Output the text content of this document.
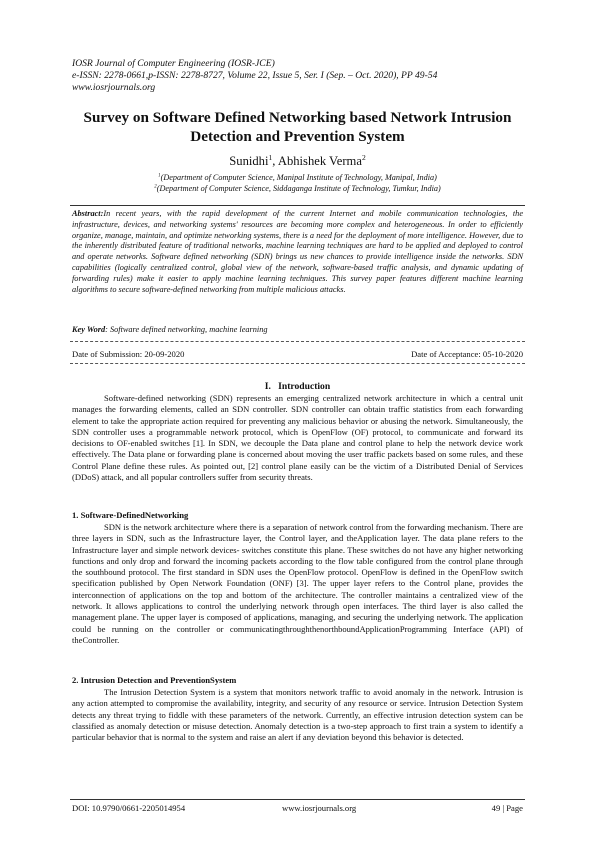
IOSR Journal of Computer Engineering (IOSR-JCE)
e-ISSN: 2278-0661,p-ISSN: 2278-8727, Volume 22, Issue 5, Ser. I (Sep. – Oct. 2020), PP 49-54
www.iosrjournals.org
Survey on Software Defined Networking based Network Intrusion
Detection and Prevention System
Sunidhi$^1$, Abhishek Verma$^2$
$^1$(Department of Computer Science, Manipal Institute of Technology, Manipal, India)
$^2$(Department of Computer Science, Siddaganga Institute of Technology, Tumkur, India)
Abstract:In recent years, with the rapid development of the current Internet and mobile communication technologies, the infrastructure, devices, and networking systems' resources are becoming more complex and heterogeneous. In order to efficiently organize, manage, maintain, and optimize networking systems, there is a need for the deployment of more intelligence. However, due to the inherently distributed feature of traditional networks, machine learning techniques are hard to be applied and deployed to control and operate networks. Software defined networking (SDN) brings us new chances to provide intelligence inside the networks. SDN capabilities (logically centralized control, global view of the network, software-based traffic analysis, and dynamic updating of forwarding rules) make it easier to apply machine learning techniques. This survey paper features different machine learning algorithms to secure software-defined networking from multiple malicious attacks.
Key Word: Software defined networking, machine learning
Date of Submission: 20-09-2020	Date of Acceptance: 05-10-2020
I. Introduction

Software-defined networking (SDN) represents an emerging centralized network architecture in which a central unit manages the forwarding elements, called an SDN controller. SDN controller can obtain traffic statistics from each forwarding element to take the appropriate action required for preventing any malicious behavior or abusing the network. Simultaneously, the SDN controller uses a programmable network protocol, which is OpenFlow (OF) protocol, to communicate and forward its decisions to OF-enabled switches [1]. In SDN, we decouple the Data plane and control plane to help the network device work effectively. The Data plane or forwarding plane is concerned about moving the user traffic packets based on some rules, and these Control Plane define these rules. As pointed out, [2] control plane easily can be the victim of a Distributed Denial of Services (DDoS) attack, and all popular controllers suffer from security threats.

1. Software-DefinedNetworking

SDN is the network architecture where there is a separation of network control from the forwarding mechanism. There are three layers in SDN, such as the Infrastructure layer, the Control layer, and theApplication layer. The data plane refers to the Infrastructure layer and simple network devices- switches constitute this plane. These switches do not have any higher networking functions and only drop and forward the incoming packets according to the flow table configured from the control plane through the southbound protocol. The first standard in SDN uses the OpenFlow protocol. OpenFlow is defined in the OpenFlow switch specification published by Open Network Foundation (ONF) [3]. The upper layer refers to the Control plane, provides the interconnection of applications on the top and bottom of the architecture. The controller maintains a centralized view of the network. It allows applications to control the underlying network through open interfaces. The third layer is also called the management plane. The upper layer is composed of applications, managing, and securing the underlying network. The application could be running on the controller or communicatingthroughthenorthboundApplicationProgramming Interface (API) of theController.

2. Intrusion Detection and PreventionSystem

The Intrusion Detection System is a system that monitors network traffic to avoid anomaly in the network. Intrusion is any action attempted to compromise the availability, integrity, and security of any resource or service. Intrusion Detection System detects any threat trying to fiddle with these parameters of the network. Currently, an effective intrusion detection system can be classified as anomaly detection or misuse detection. Anomaly detection is a two-step approach to first train a system to identify a particular behavior that is normal to the system and raise an alert if any deviation beyond this behavior is detected.

DOI: 10.9790/0661-2205014954	www.iosrjournals.org	49 | Page
